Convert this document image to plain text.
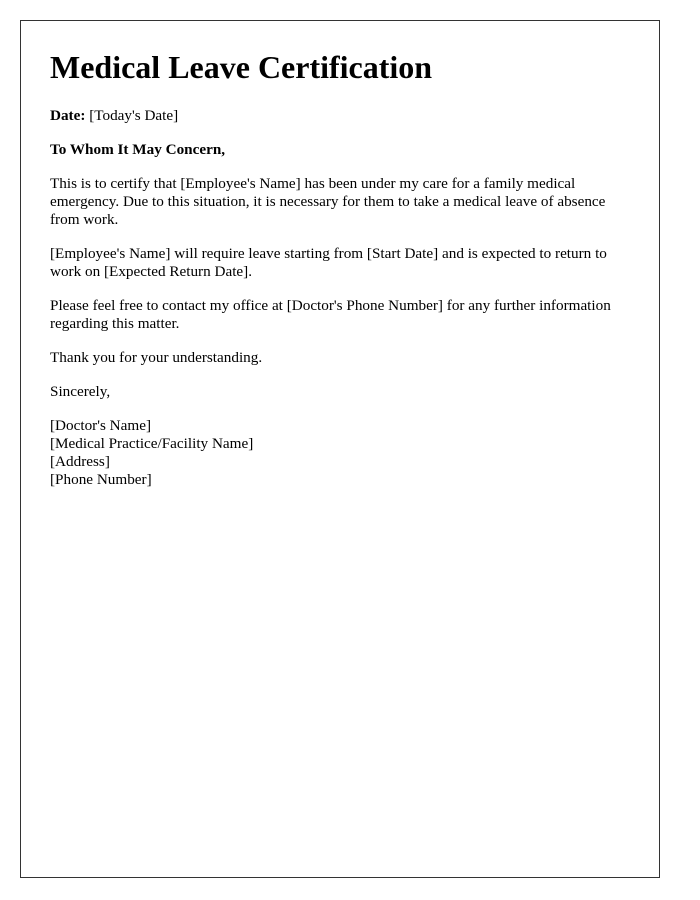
Medical Leave Certification

Date: [Today's Date]

To Whom It May Concern,

This is to certify that [Employee's Name] has been under my care for a family medical emergency. Due to this situation, it is necessary for them to take a medical leave of absence from work.

[Employee's Name] will require leave starting from [Start Date] and is expected to return to work on [Expected Return Date].

Please feel free to contact my office at [Doctor's Phone Number] for any further information regarding this matter.

Thank you for your understanding.

Sincerely,

[Doctor's Name]
[Medical Practice/Facility Name]
[Address]
[Phone Number]
